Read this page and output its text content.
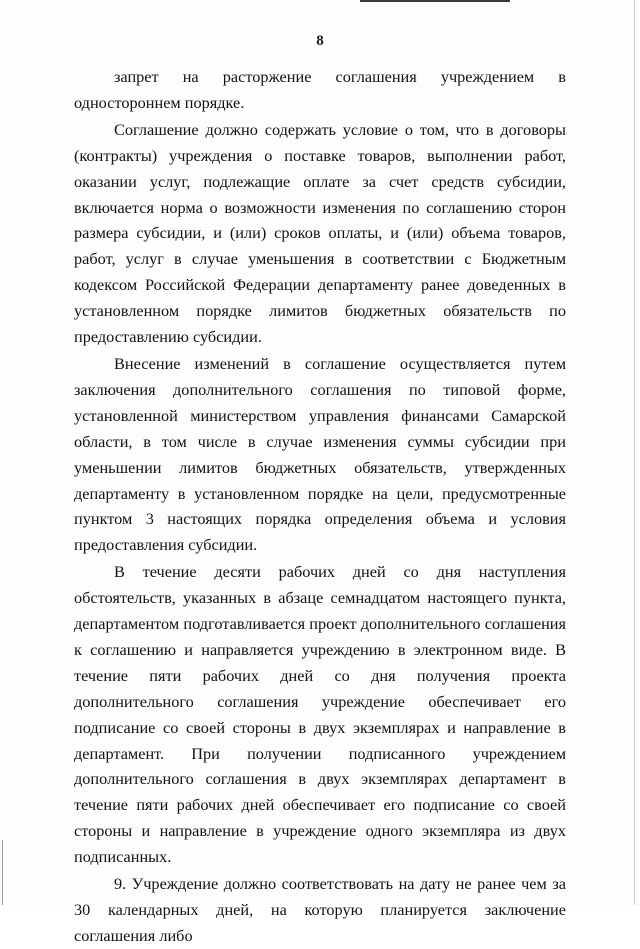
8

запрет на расторжение соглашения учреждением в одностороннем порядке.

Соглашение должно содержать условие о том, что в договоры (контракты) учреждения о поставке товаров, выполнении работ, оказании услуг, подлежащие оплате за счет средств субсидии, включается норма о возможности изменения по соглашению сторон размера субсидии, и (или) сроков оплаты, и (или) объема товаров, работ, услуг в случае уменьшения в соответствии с Бюджетным кодексом Российской Федерации департаменту ранее доведенных в установленном порядке лимитов бюджетных обязательств по предоставлению субсидии.

Внесение изменений в соглашение осуществляется путем заключения дополнительного соглашения по типовой форме, установленной министерством управления финансами Самарской области, в том числе в случае изменения суммы субсидии при уменьшении лимитов бюджетных обязательств, утвержденных департаменту в установленном порядке на цели, предусмотренные пунктом 3 настоящих порядка определения объема и условия предоставления субсидии.

В течение десяти рабочих дней со дня наступления обстоятельств, указанных в абзаце семнадцатом настоящего пункта, департаментом подготавливается проект дополнительного соглашения к соглашению и направляется учреждению в электронном виде. В течение пяти рабочих дней со дня получения проекта дополнительного соглашения учреждение обеспечивает его подписание со своей стороны в двух экземплярах и направление в департамент. При получении подписанного учреждением дополнительного соглашения в двух экземплярах департамент в течение пяти рабочих дней обеспечивает его подписание со своей стороны и направление в учреждение одного экземпляра из двух подписанных.

9. Учреждение должно соответствовать на дату не ранее чем за 30 календарных дней, на которую планируется заключение соглашения либо
